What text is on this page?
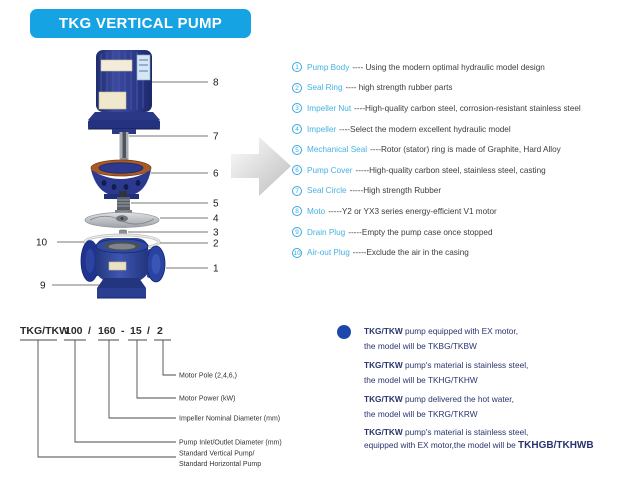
TKG VERTICAL PUMP
8
7
6
5
4
3
2
1
10
9
1 Pump Body ---- Using the modern optimal hydraulic model design
2 Seal Ring ---- high strength rubber parts
3 Impeller Nut ----High-quality carbon steel, corrosion-resistant stainless steel
4 Impeller ----Select the modern excellent hydraulic model
5 Mechanical Seal ----Rotor (stator) ring is made of Graphite, Hard Alloy
6 Pump Cover -----High-quality carbon steel, stainless steel, casting
7 Seal Circle -----High strength Rubber
8 Moto -----Y2 or YX3 series energy-efficient V1 motor
9 Drain Plug -----Empty the pump case once stopped
10 Air-out Plug -----Exclude the air in the casing
TKG/TKW
100 / 160 - 15 / 2
Motor Pole (2,4,6,)
Motor Power (kW)
Impeller Nominal Diameter (mm)
Pump Inlet/Outlet Diameter (mm)
Standard Vertical Pump/
Standard Horizontal Pump
TKG/TKW pump equipped with EX motor,
the model will be TKBG/TKBW
TKG/TKW pump's material is stainless steel,
the model will be TKHG/TKHW
TKG/TKW pump delivered the hot water,
the model will be TKRG/TKRW
TKG/TKW pump's material is stainless steel,
equipped with EX motor,the model will be TKHGB/TKHWB
